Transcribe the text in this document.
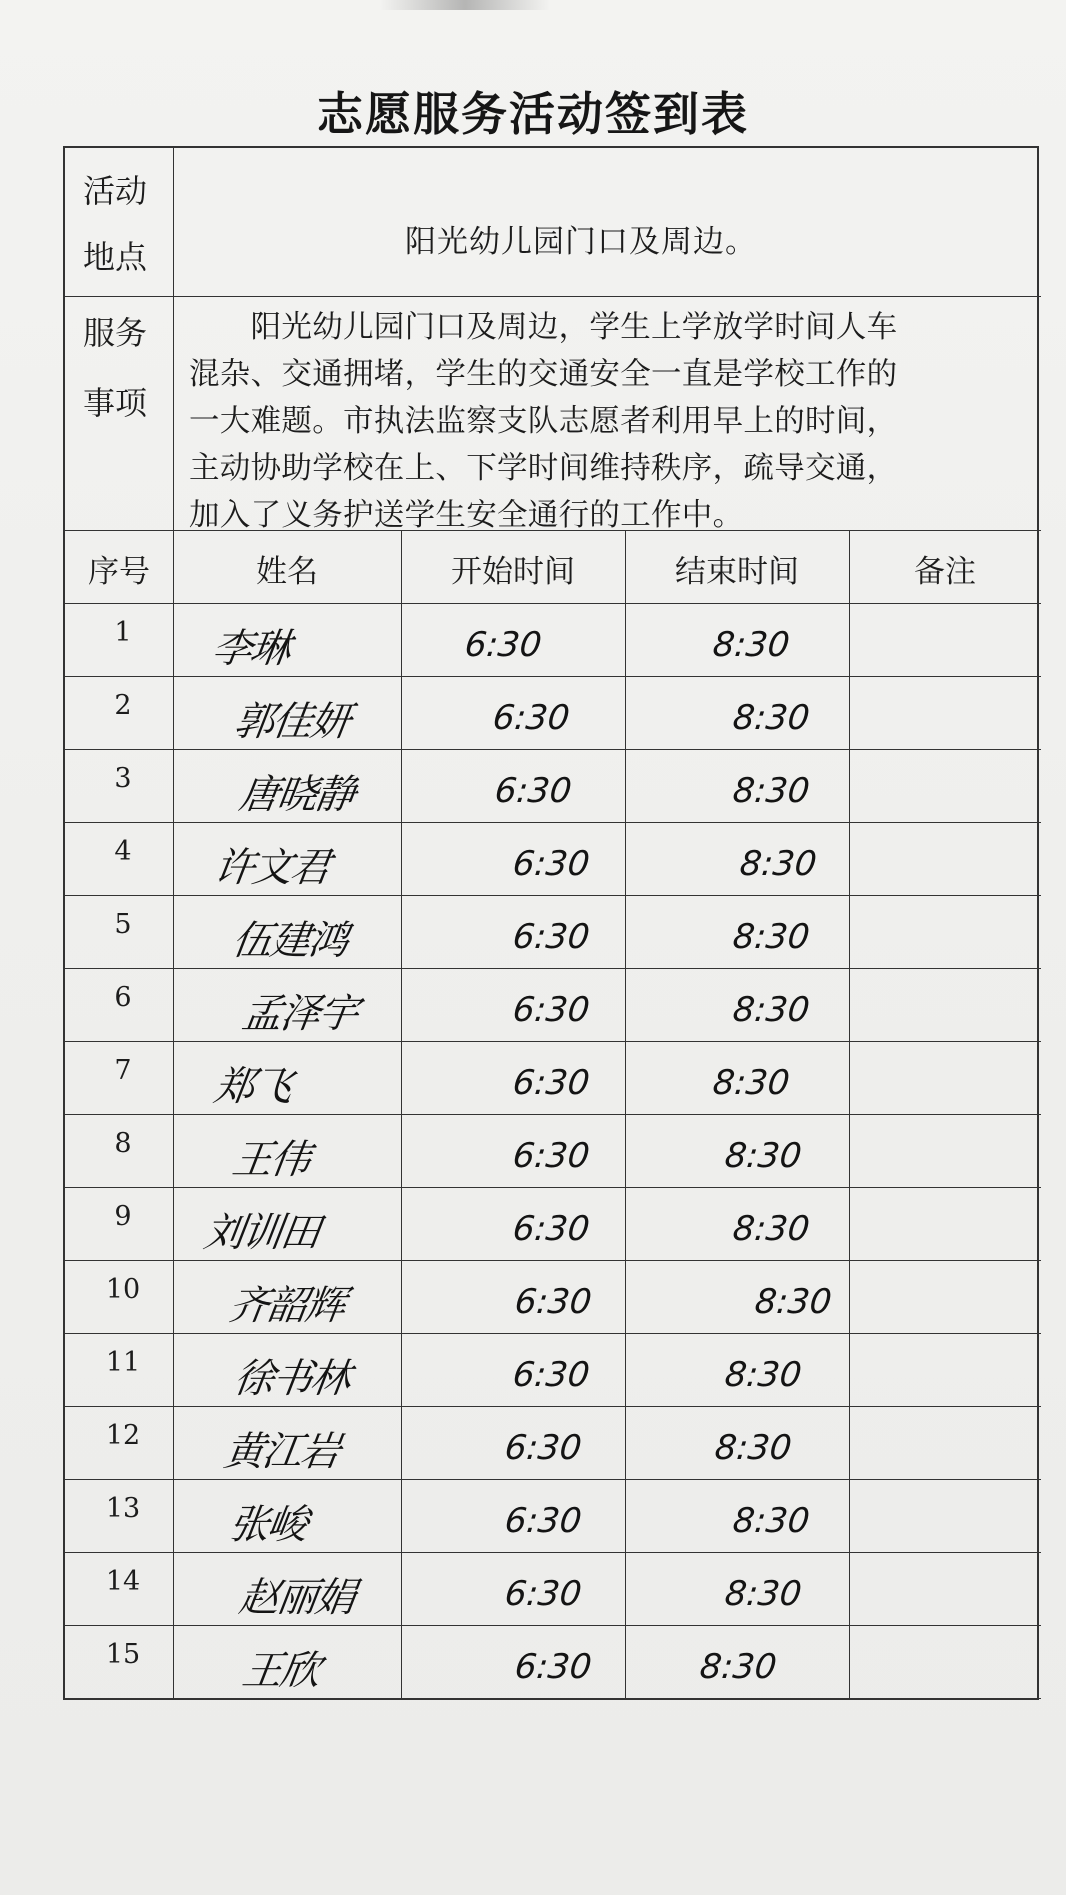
志愿服务活动签到表
活动
地点	阳光幼儿园门口及周边。
服务
事项
　　阳光幼儿园门口及周边，学生上学放学时间人车
混杂、交通拥堵，学生的交通安全一直是学校工作的
一大难题。市执法监察支队志愿者利用早上的时间，
主动协助学校在上、下学时间维持秩序，疏导交通，
加入了义务护送学生安全通行的工作中。
序号	姓名	开始时间	结束时间	备注
1	李琳	6:30	8:30
2	郭佳妍	6:30	8:30
3	唐晓静	6:30	8:30
4	许文君	6:30	8:30
5	伍建鸿	6:30	8:30
6	孟泽宇	6:30	8:30
7	郑飞	6:30	8:30
8	王伟	6:30	8:30
9	刘训田	6:30	8:30
10	齐韶辉	6:30	8:30
11	徐书林	6:30	8:30
12	黄江岩	6:30	8:30
13	张峻	6:30	8:30
14	赵丽娟	6:30	8:30
15	王欣	6:30	8:30
